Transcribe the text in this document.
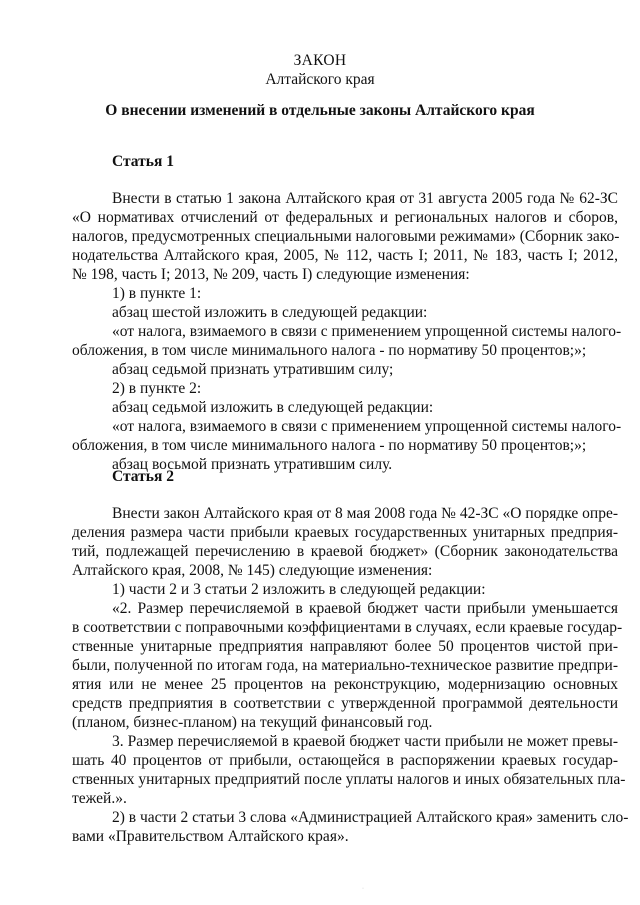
ЗАКОН
Алтайского края
О внесении изменений в отдельные законы Алтайского края
Статья 1
Внести в статью 1 закона Алтайского края от 31 августа 2005 года № 62-ЗС
«О нормативах отчислений от федеральных и региональных налогов и сборов,
налогов, предусмотренных специальными налоговыми режимами» (Сборник зако-
нодательства Алтайского края, 2005, № 112, часть I; 2011, № 183, часть I; 2012,
№ 198, часть I; 2013, № 209, часть I) следующие изменения:
1) в пункте 1:
абзац шестой изложить в следующей редакции:
«от налога, взимаемого в связи с применением упрощенной системы налого-
обложения, в том числе минимального налога - по нормативу 50 процентов;»;
абзац седьмой признать утратившим силу;
2) в пункте 2:
абзац седьмой изложить в следующей редакции:
«от налога, взимаемого в связи с применением упрощенной системы налого-
обложения, в том числе минимального налога - по нормативу 50 процентов;»;
Статья 2
Внести закон Алтайского края от 8 мая 2008 года № 42-ЗС «О порядке опре-
деления размера части прибыли краевых государственных унитарных предприя-
тий, подлежащей перечислению в краевой бюджет» (Сборник законодательства
Алтайского края, 2008, № 145) следующие изменения:
1) части 2 и 3 статьи 2 изложить в следующей редакции:
«2. Размер перечисляемой в краевой бюджет части прибыли уменьшается
в соответствии с поправочными коэффициентами в случаях, если краевые государ-
ственные унитарные предприятия направляют более 50 процентов чистой при-
были, полученной по итогам года, на материально-техническое развитие предпри-
ятия или не менее 25 процентов на реконструкцию, модернизацию основных
средств предприятия в соответствии с утвержденной программой деятельности
(планом, бизнес-планом) на текущий финансовый год.
3. Размер перечисляемой в краевой бюджет части прибыли не может превы-
шать 40 процентов от прибыли, остающейся в распоряжении краевых государ-
ственных унитарных предприятий после уплаты налогов и иных обязательных пла-
тежей.».
2) в части 2 статьи 3 слова «Администрацией Алтайского края» заменить сло-
вами «Правительством Алтайского края».
·
абзац восьмой признать утратившим силу.
